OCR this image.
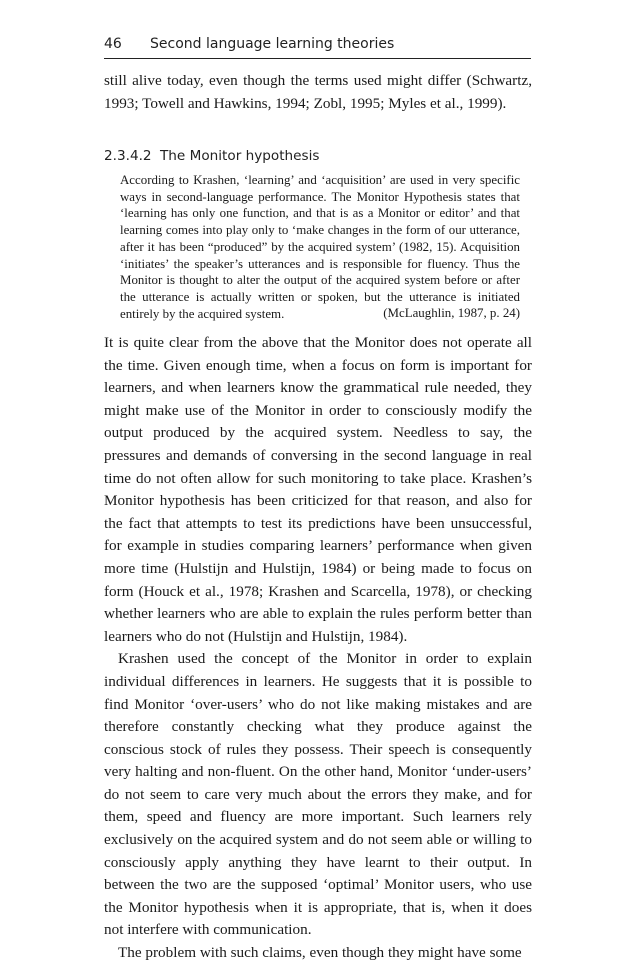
46 Second language learning theories

still alive today, even though the terms used might differ (Schwartz, 1993; Towell and Hawkins, 1994; Zobl, 1995; Myles et al., 1999).

2.3.4.2 The Monitor hypothesis

According to Krashen, ‘learning’ and ‘acquisition’ are used in very specific ways in second-language performance. The Monitor Hypothesis states that ‘learning has only one function, and that is as a Monitor or editor’ and that learning comes into play only to ‘make changes in the form of our utterance, after it has been “produced” by the acquired system’ (1982, 15). Acquisition ‘initiates’ the speaker’s utterances and is responsible for fluency. Thus the Monitor is thought to alter the output of the acquired system before or after the utterance is actually written or spoken, but the utterance is initiated entirely by the acquired system.	(McLaughlin, 1987, p. 24)

It is quite clear from the above that the Monitor does not operate all the time. Given enough time, when a focus on form is important for learners, and when learners know the grammatical rule needed, they might make use of the Monitor in order to consciously modify the output produced by the acquired system. Needless to say, the pressures and demands of conversing in the second language in real time do not often allow for such monitoring to take place. Krashen’s Monitor hypothesis has been criticized for that reason, and also for the fact that attempts to test its predictions have been unsuccessful, for example in studies comparing learners’ performance when given more time (Hulstijn and Hulstijn, 1984) or being made to focus on form (Houck et al., 1978; Krashen and Scarcella, 1978), or checking whether learners who are able to explain the rules perform better than learners who do not (Hulstijn and Hulstijn, 1984).

Krashen used the concept of the Monitor in order to explain individual differences in learners. He suggests that it is possible to find Monitor ‘over-users’ who do not like making mistakes and are therefore constantly checking what they produce against the conscious stock of rules they possess. Their speech is consequently very halting and non-fluent. On the other hand, Monitor ‘under-users’ do not seem to care very much about the errors they make, and for them, speed and fluency are more important. Such learners rely exclusively on the acquired system and do not seem able or willing to consciously apply anything they have learnt to their output. In between the two are the supposed ‘optimal’ Monitor users, who use the Monitor hypothesis when it is appropriate, that is, when it does not interfere with communication.

The problem with such claims, even though they might have some
